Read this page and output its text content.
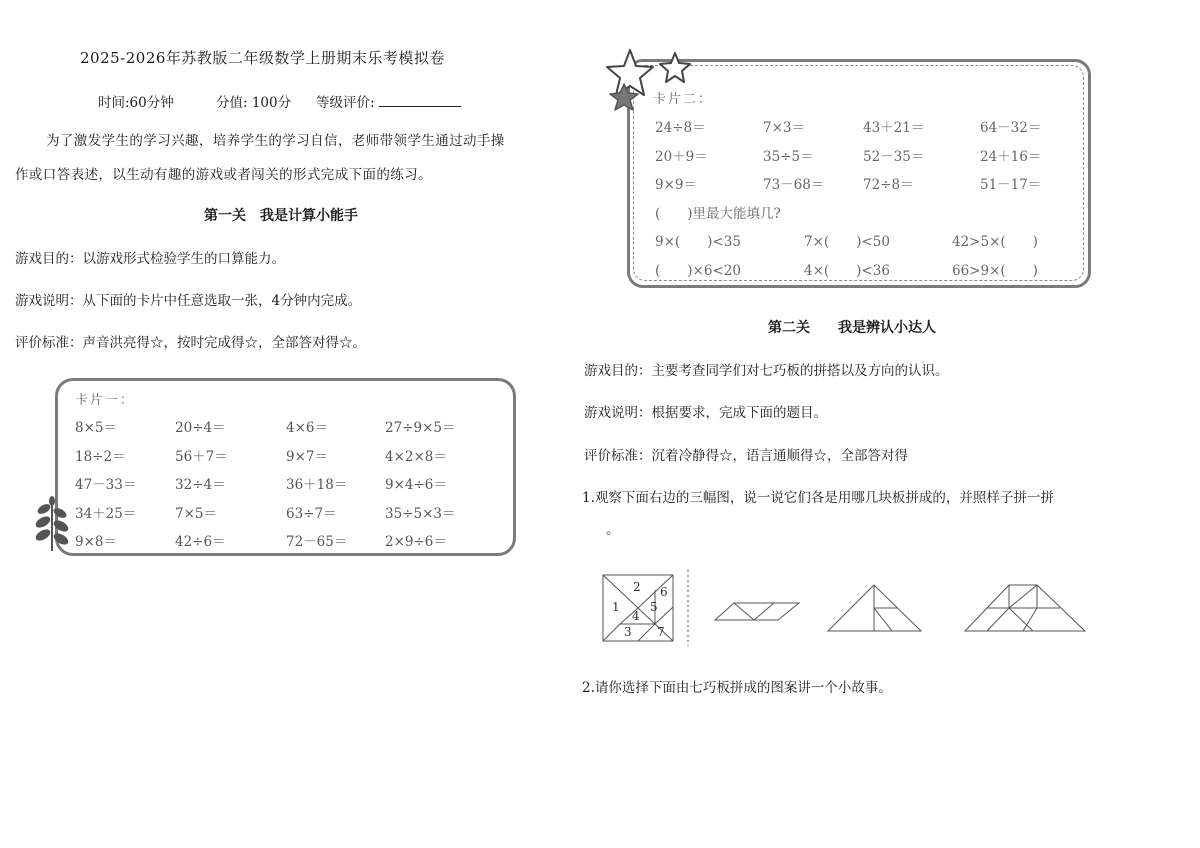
2025-2026年苏教版二年级数学上册期末乐考模拟卷
时间:60分钟	分值: 100分 等级评价:
为了激发学生的学习兴趣，培养学生的学习自信，老师带领学生通过动手操
作或口答表述，以生动有趣的游戏或者闯关的形式完成下面的练习。
第一关　我是计算小能手
游戏目的：以游戏形式检验学生的口算能力。
游戏说明：从下面的卡片中任意选取一张，4分钟内完成。
评价标准：声音洪亮得☆，按时完成得☆，全部答对得☆。
卡片一：
8×5＝	20÷4＝	4×6＝	27÷9×5＝
18÷2＝	56＋7＝	9×7＝	4×2×8＝
47－33＝	32÷4＝	36＋18＝	9×4÷6＝
34＋25＝	7×5＝	63÷7＝	35÷5×3＝
9×8＝	42÷6＝	72－65＝	2×9÷6＝
卡片二：
24÷8＝	7×3＝	43＋21＝	64－32＝
20＋9＝	35÷5＝	52－35＝	24＋16＝
9×9＝	73－68＝	72÷8＝	51－17＝
(　　)里最大能填几?
9×(　　)<35	7×(　　)<50	42>5×(　　)
(　　)×6<20	4×(　　)<36	66>9×(　　)
第二关　　我是辨认小达人
游戏目的：主要考查同学们对七巧板的拼搭以及方向的认识。
游戏说明：根据要求，完成下面的题目。
评价标准：沉着冷静得☆，语言通顺得☆，全部答对得
1.观察下面右边的三幅图，说一说它们各是用哪几块板拼成的，并照样子拼一拼
。
1
2
3
4
5
6
7
2.请你选择下面由七巧板拼成的图案讲一个小故事。
